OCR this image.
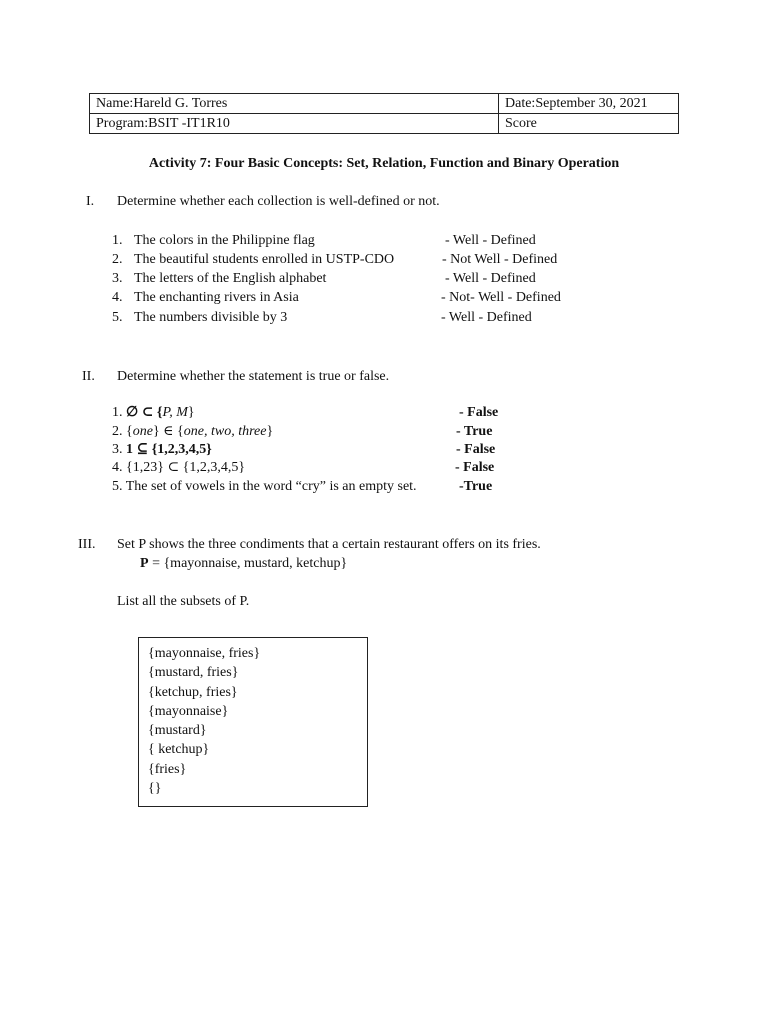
Name:Hareld G. Torres	Date:September 30, 2021
Program:BSIT -IT1R10	Score
Activity 7: Four Basic Concepts: Set, Relation, Function and Binary Operation
I. Determine whether each collection is well-defined or not.
1. The colors in the Philippine flag	- Well - Defined
2. The beautiful students enrolled in USTP-CDO	- Not Well - Defined
3. The letters of the English alphabet	- Well - Defined
4. The enchanting rivers in Asia	- Not- Well - Defined
5. The numbers divisible by 3	- Well - Defined
II. Determine whether the statement is true or false.
1. ∅ ⊂ {P, M}	- False
2. {one} ∈ {one, two, three}	- True
3. 1 ⊆ {1,2,3,4,5}	- False
4. {1,23} ⊂ {1,2,3,4,5}	- False
5. The set of vowels in the word “cry” is an empty set.	-True
III. Set P shows the three condiments that a certain restaurant offers on its fries.
P = {mayonnaise, mustard, ketchup}
List all the subsets of P.
{mayonnaise, fries}
{mustard, fries}
{ketchup, fries}
{mayonnaise}
{mustard}
{ ketchup}
{fries}
{}
